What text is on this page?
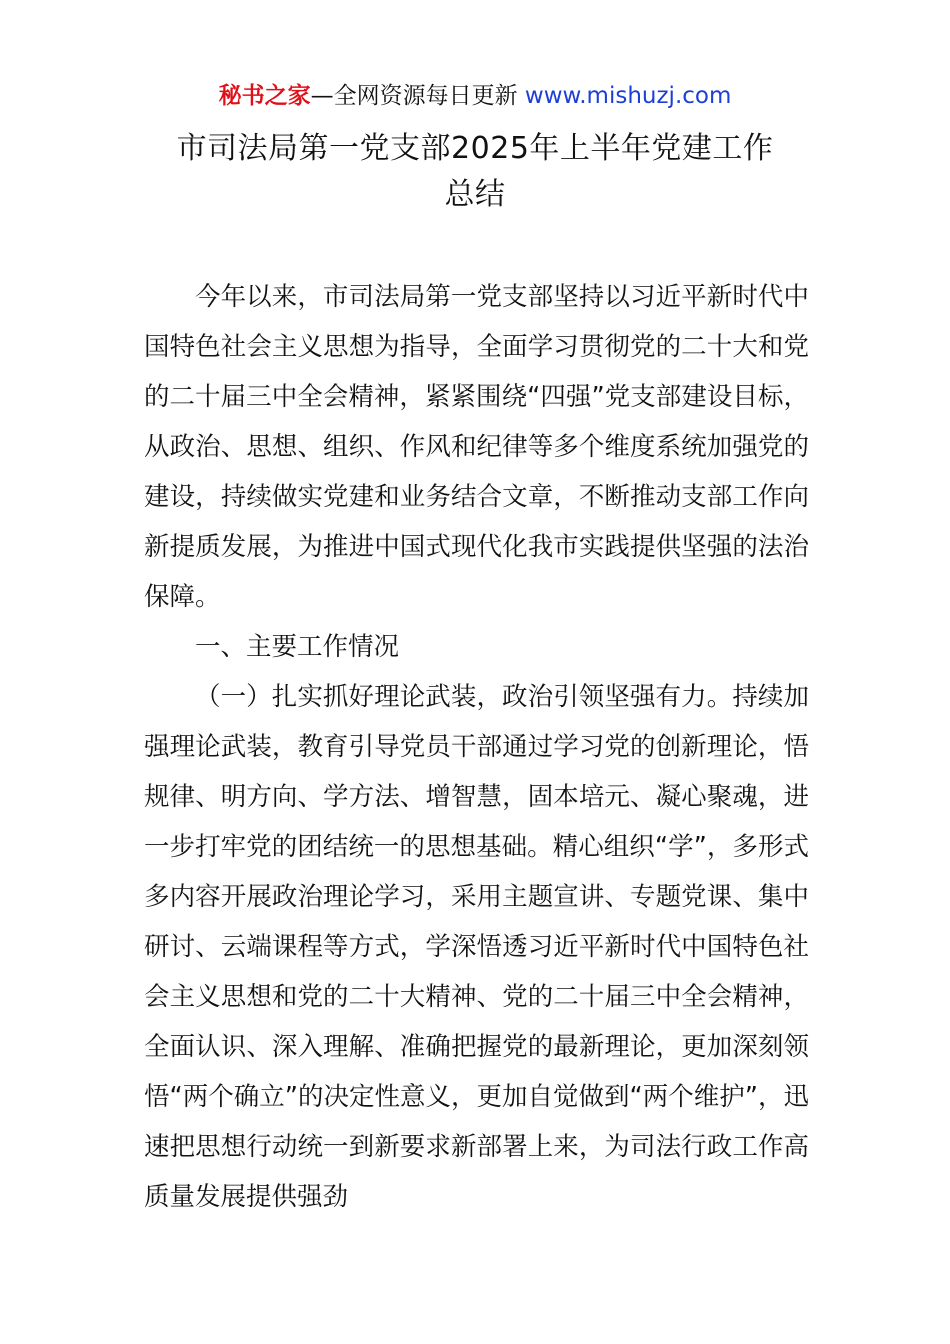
秘书之家—全网资源每日更新 www.mishuzj.com
市司法局第一党支部2025年上半年党建工作
总结

今年以来，市司法局第一党支部坚持以习近平新时代中国特色社会主义思想为指导，全面学习贯彻党的二十大和党的二十届三中全会精神，紧紧围绕“四强”党支部建设目标，从政治、思想、组织、作风和纪律等多个维度系统加强党的建设，持续做实党建和业务结合文章，不断推动支部工作向新提质发展，为推进中国式现代化我市实践提供坚强的法治保障。

一、主要工作情况

（一）扎实抓好理论武装，政治引领坚强有力。持续加强理论武装，教育引导党员干部通过学习党的创新理论，悟规律、明方向、学方法、增智慧，固本培元、凝心聚魂，进一步打牢党的团结统一的思想基础。精心组织“学”，多形式多内容开展政治理论学习，采用主题宣讲、专题党课、集中研讨、云端课程等方式，学深悟透习近平新时代中国特色社会主义思想和党的二十大精神、党的二十届三中全会精神，全面认识、深入理解、准确把握党的最新理论，更加深刻领悟“两个确立”的决定性意义，更加自觉做到“两个维护”，迅速把思想行动统一到新要求新部署上来，为司法行政工作高质量发展提供强劲
